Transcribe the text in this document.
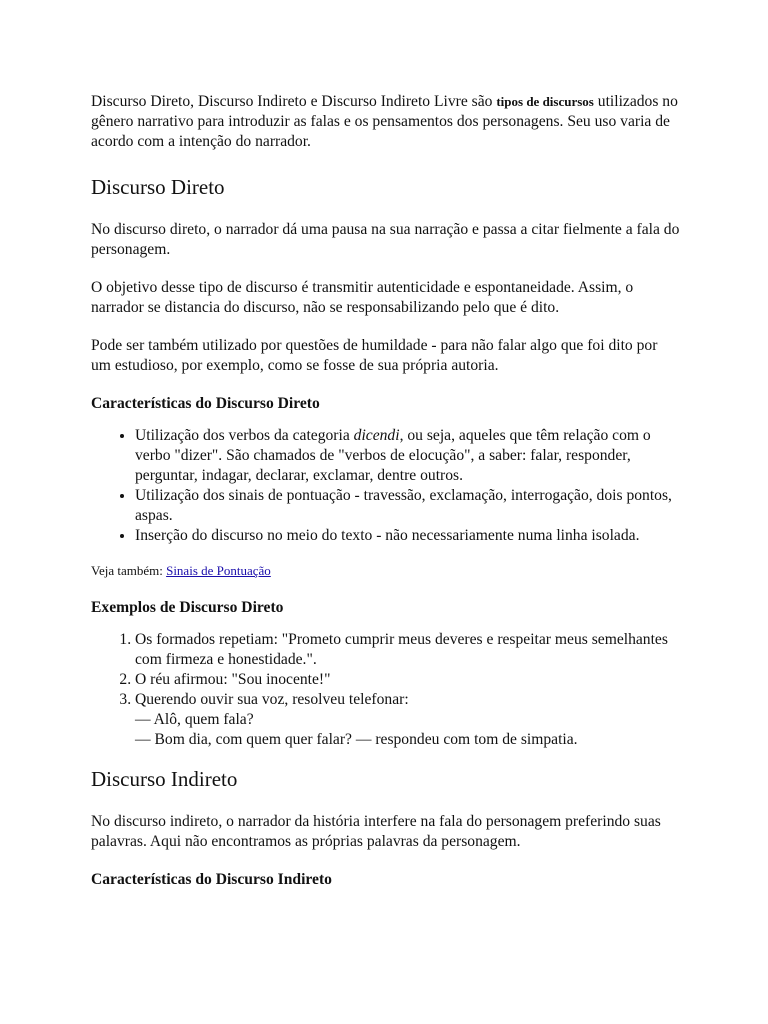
Discurso Direto, Discurso Indireto e Discurso Indireto Livre são tipos de discursos utilizados no gênero narrativo para introduzir as falas e os pensamentos dos personagens. Seu uso varia de acordo com a intenção do narrador.

Discurso Direto

No discurso direto, o narrador dá uma pausa na sua narração e passa a citar fielmente a fala do personagem.

O objetivo desse tipo de discurso é transmitir autenticidade e espontaneidade. Assim, o narrador se distancia do discurso, não se responsabilizando pelo que é dito.

Pode ser também utilizado por questões de humildade - para não falar algo que foi dito por um estudioso, por exemplo, como se fosse de sua própria autoria.

Características do Discurso Direto
• Utilização dos verbos da categoria dicendi, ou seja, aqueles que têm relação com o verbo "dizer". São chamados de "verbos de elocução", a saber: falar, responder, perguntar, indagar, declarar, exclamar, dentre outros.
• Utilização dos sinais de pontuação - travessão, exclamação, interrogação, dois pontos, aspas.
• Inserção do discurso no meio do texto - não necessariamente numa linha isolada.

Veja também: Sinais de Pontuação

Exemplos de Discurso Direto
1. Os formados repetiam: "Prometo cumprir meus deveres e respeitar meus semelhantes com firmeza e honestidade.".
2. O réu afirmou: "Sou inocente!"
3. Querendo ouvir sua voz, resolveu telefonar:
— Alô, quem fala?
— Bom dia, com quem quer falar? — respondeu com tom de simpatia.
Discurso Indireto

No discurso indireto, o narrador da história interfere na fala do personagem preferindo suas palavras. Aqui não encontramos as próprias palavras da personagem.

Características do Discurso Indireto
